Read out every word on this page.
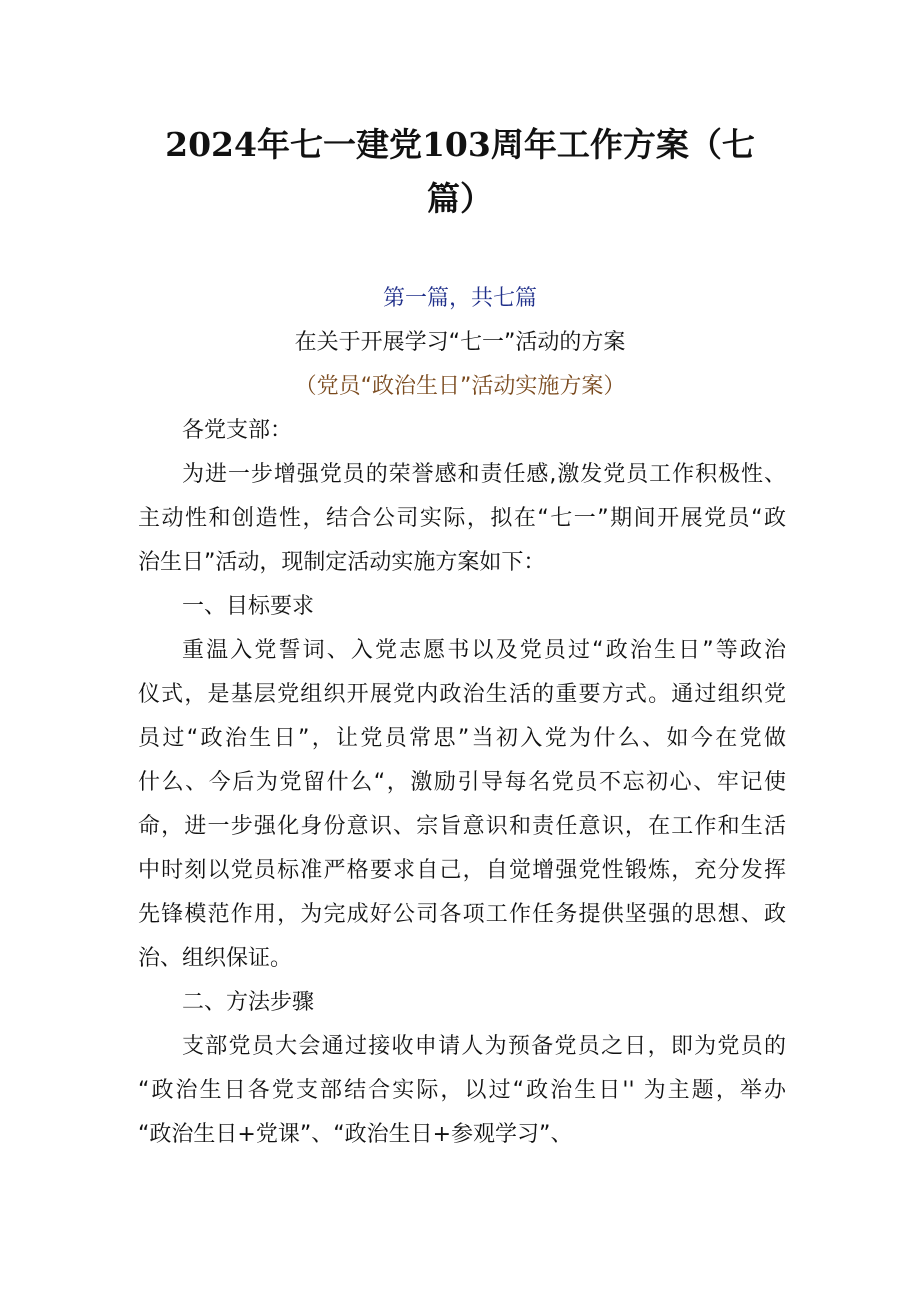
2024年七一建党103周年工作方案（七
篇）
第一篇，共七篇
在关于开展学习“七一”活动的方案
（党员“政治生日”活动实施方案）
各党支部：
为进一步增强党员的荣誉感和责任感,激发党员工作积极性、
主动性和创造性，结合公司实际，拟在“七一”期间开展党员“政
治生日”活动，现制定活动实施方案如下：
一、目标要求
重温入党誓词、入党志愿书以及党员过“政治生日”等政治
仪式，是基层党组织开展党内政治生活的重要方式。通过组织党
员过“政治生日”，让党员常思”当初入党为什么、如今在党做
什么、今后为党留什么“，激励引导每名党员不忘初心、牢记使
命，进一步强化身份意识、宗旨意识和责任意识，在工作和生活
中时刻以党员标准严格要求自己，自觉增强党性锻炼，充分发挥
先锋模范作用，为完成好公司各项工作任务提供坚强的思想、政
治、组织保证。
二、方法步骤
支部党员大会通过接收申请人为预备党员之日，即为党员的
“政治生日各党支部结合实际，以过“政治生日'' 为主题，举办
“政治生日+党课”、“政治生日+参观学习”、
